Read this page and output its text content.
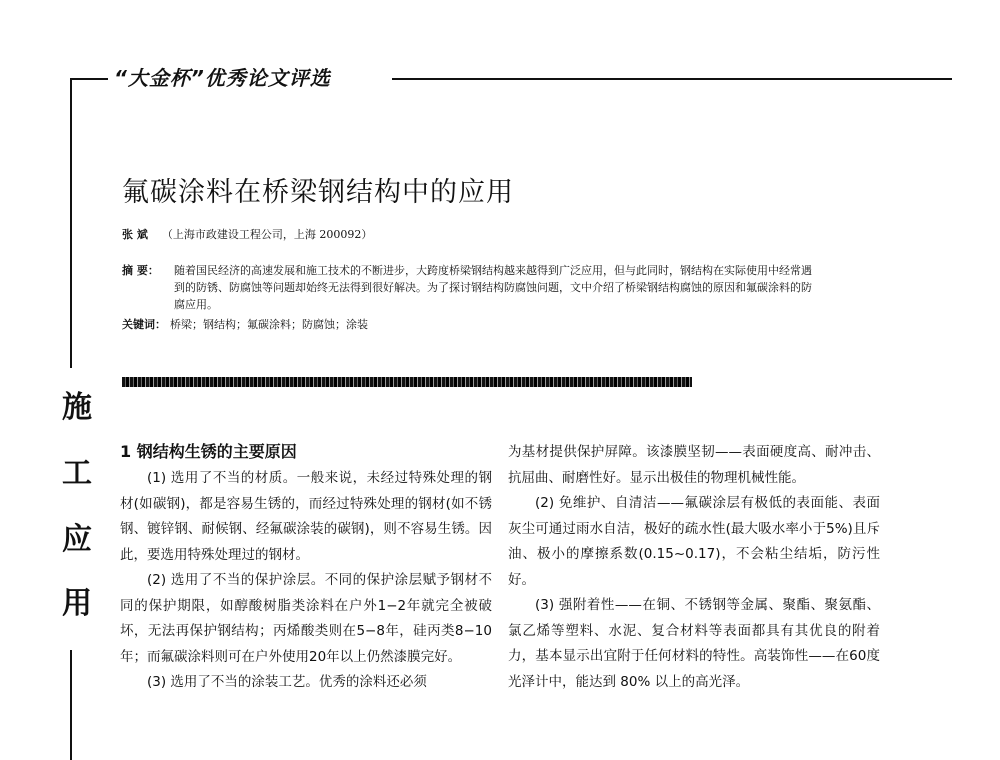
“大金杯”优秀论文评选
氟碳涂料在桥梁钢结构中的应用
张 斌 （上海市政建设工程公司，上海 200092）
摘 要：	随着国民经济的高速发展和施工技术的不断进步，大跨度桥梁钢结构越来越得到广泛应用，但与此同时，钢结构在实际使用中经常遇到的防锈、防腐蚀等问题却始终无法得到很好解决。为了探讨钢结构防腐蚀问题，文中介绍了桥梁钢结构腐蚀的原因和氟碳涂料的防腐应用。
关键词： 桥梁；钢结构；氟碳涂料；防腐蚀；涂装
施
工
应
用
1 钢结构生锈的主要原因

(1) 选用了不当的材质。一般来说，未经过特殊处理的钢材(如碳钢)，都是容易生锈的，而经过特殊处理的钢材(如不锈钢、镀锌钢、耐候钢、经氟碳涂装的碳钢)，则不容易生锈。因此，要选用特殊处理过的钢材。

(2) 选用了不当的保护涂层。不同的保护涂层赋予钢材不同的保护期限，如醇酸树脂类涂料在户外1−2年就完全被破坏，无法再保护钢结构；丙烯酸类则在5−8年，硅丙类8−10年；而氟碳涂料则可在户外使用20年以上仍然漆膜完好。

(3) 选用了不当的涂装工艺。优秀的涂料还必须

为基材提供保护屏障。该漆膜坚韧——表面硬度高、耐冲击、抗屈曲、耐磨性好。显示出极佳的物理机械性能。

(2) 免维护、自清洁——氟碳涂层有极低的表面能、表面灰尘可通过雨水自洁，极好的疏水性(最大吸水率小于5%)且斥油、极小的摩擦系数(0.15~0.17)，不会粘尘结垢，防污性好。

(3) 强附着性——在铜、不锈钢等金属、聚酯、聚氨酯、氯乙烯等塑料、水泥、复合材料等表面都具有其优良的附着力，基本显示出宜附于任何材料的特性。高装饰性——在60度光泽计中，能达到 80% 以上的高光泽。
